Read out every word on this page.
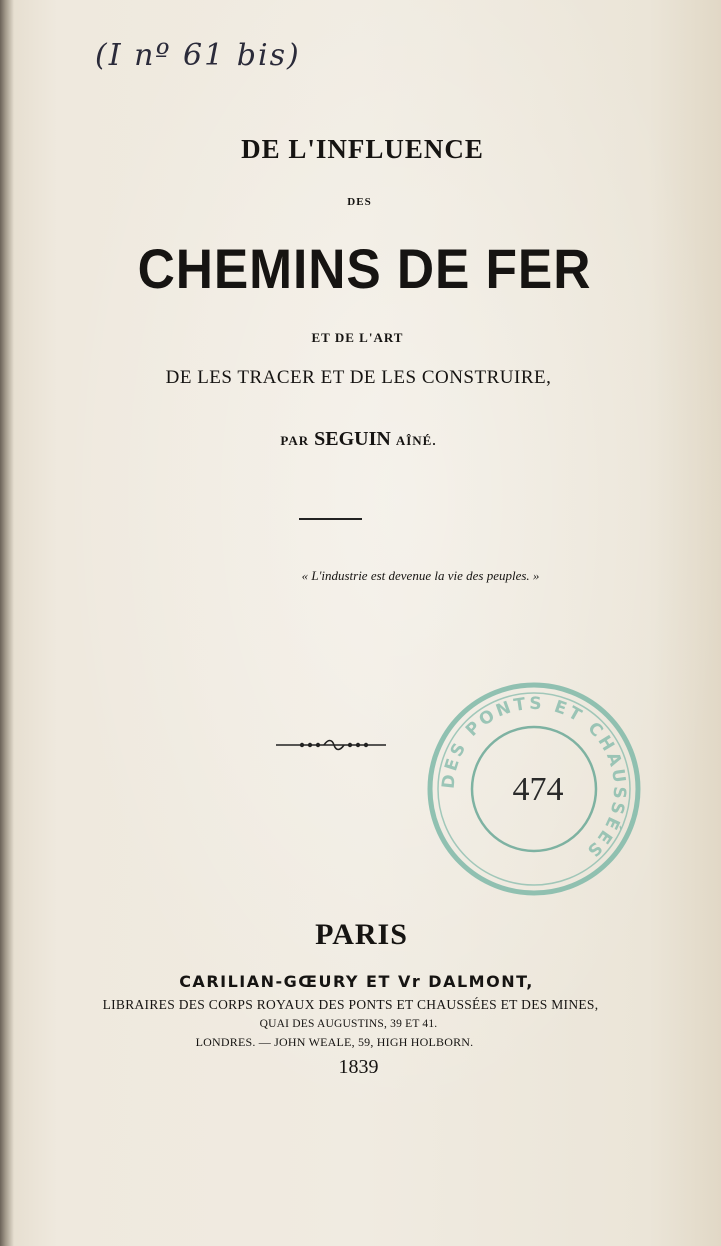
(I nº 61 bis)
DE L'INFLUENCE
DES
CHEMINS DE FER
ET DE L'ART
DE LES TRACER ET DE LES CONSTRUIRE,
PAR SEGUIN AÎNÉ.
« L'industrie est devenue la vie des peuples. »
DES PONTS ET CHAUSSÉES
474
PARIS
CARILIAN-GŒURY ET Vr DALMONT,
LIBRAIRES DES CORPS ROYAUX DES PONTS ET CHAUSSÉES ET DES MINES,
QUAI DES AUGUSTINS, 39 ET 41.
LONDRES. — JOHN WEALE, 59, HIGH HOLBORN.
1839
